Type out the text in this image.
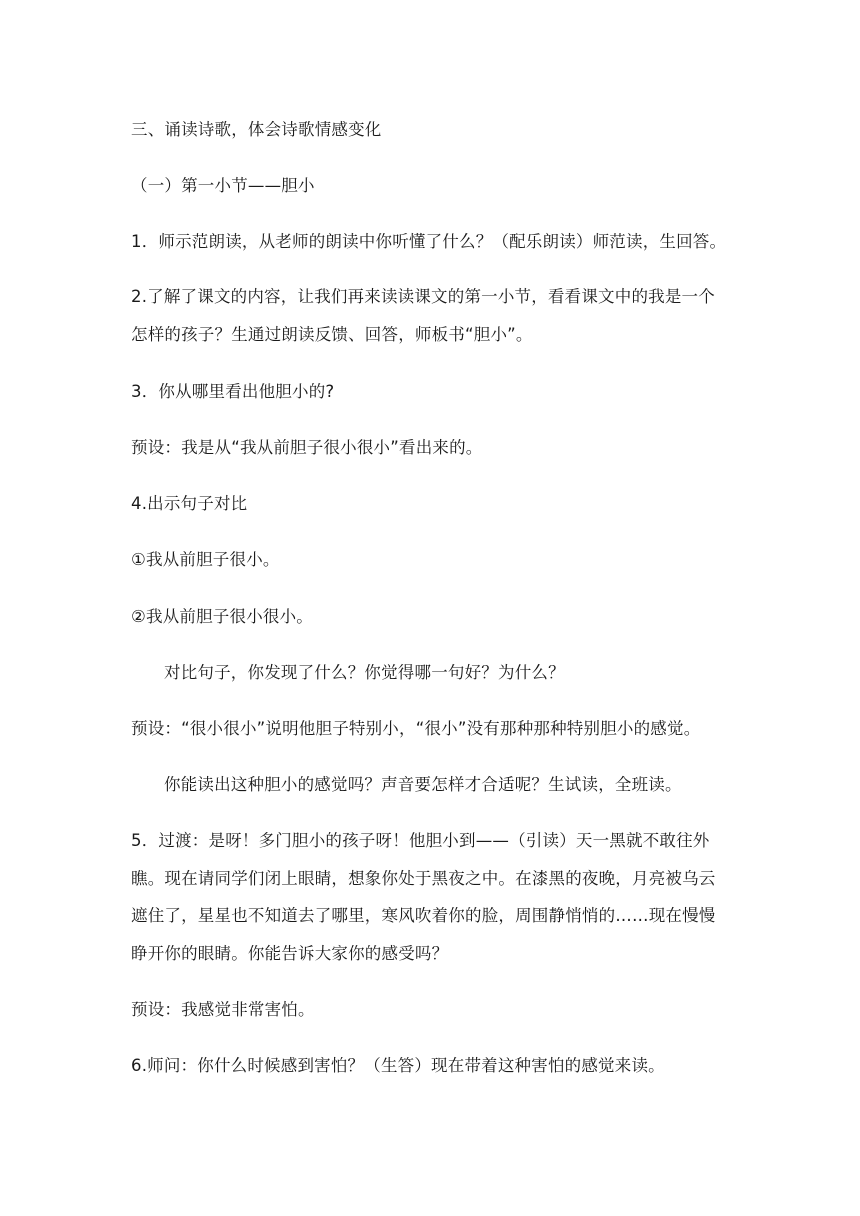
三、诵读诗歌，体会诗歌情感变化
（一）第一小节——胆小
1．师示范朗读，从老师的朗读中你听懂了什么？（配乐朗读）师范读，生回答。
2.了解了课文的内容，让我们再来读读课文的第一小节，看看课文中的我是一个
怎样的孩子？生通过朗读反馈、回答，师板书“胆小”。
3．你从哪里看出他胆小的?
预设：我是从“我从前胆子很小很小”看出来的。
4.出示句子对比
①我从前胆子很小。
②我从前胆子很小很小。
对比句子，你发现了什么？你觉得哪一句好？为什么？
预设：“很小很小”说明他胆子特别小，“很小”没有那种那种特别胆小的感觉。
你能读出这种胆小的感觉吗？声音要怎样才合适呢？生试读，全班读。
5．过渡：是呀！多门胆小的孩子呀！他胆小到——（引读）天一黑就不敢往外
瞧。现在请同学们闭上眼睛，想象你处于黑夜之中。在漆黑的夜晚，月亮被乌云
遮住了，星星也不知道去了哪里，寒风吹着你的脸，周围静悄悄的……现在慢慢
睁开你的眼睛。你能告诉大家你的感受吗？
预设：我感觉非常害怕。
6.师问：你什么时候感到害怕？（生答）现在带着这种害怕的感觉来读。
